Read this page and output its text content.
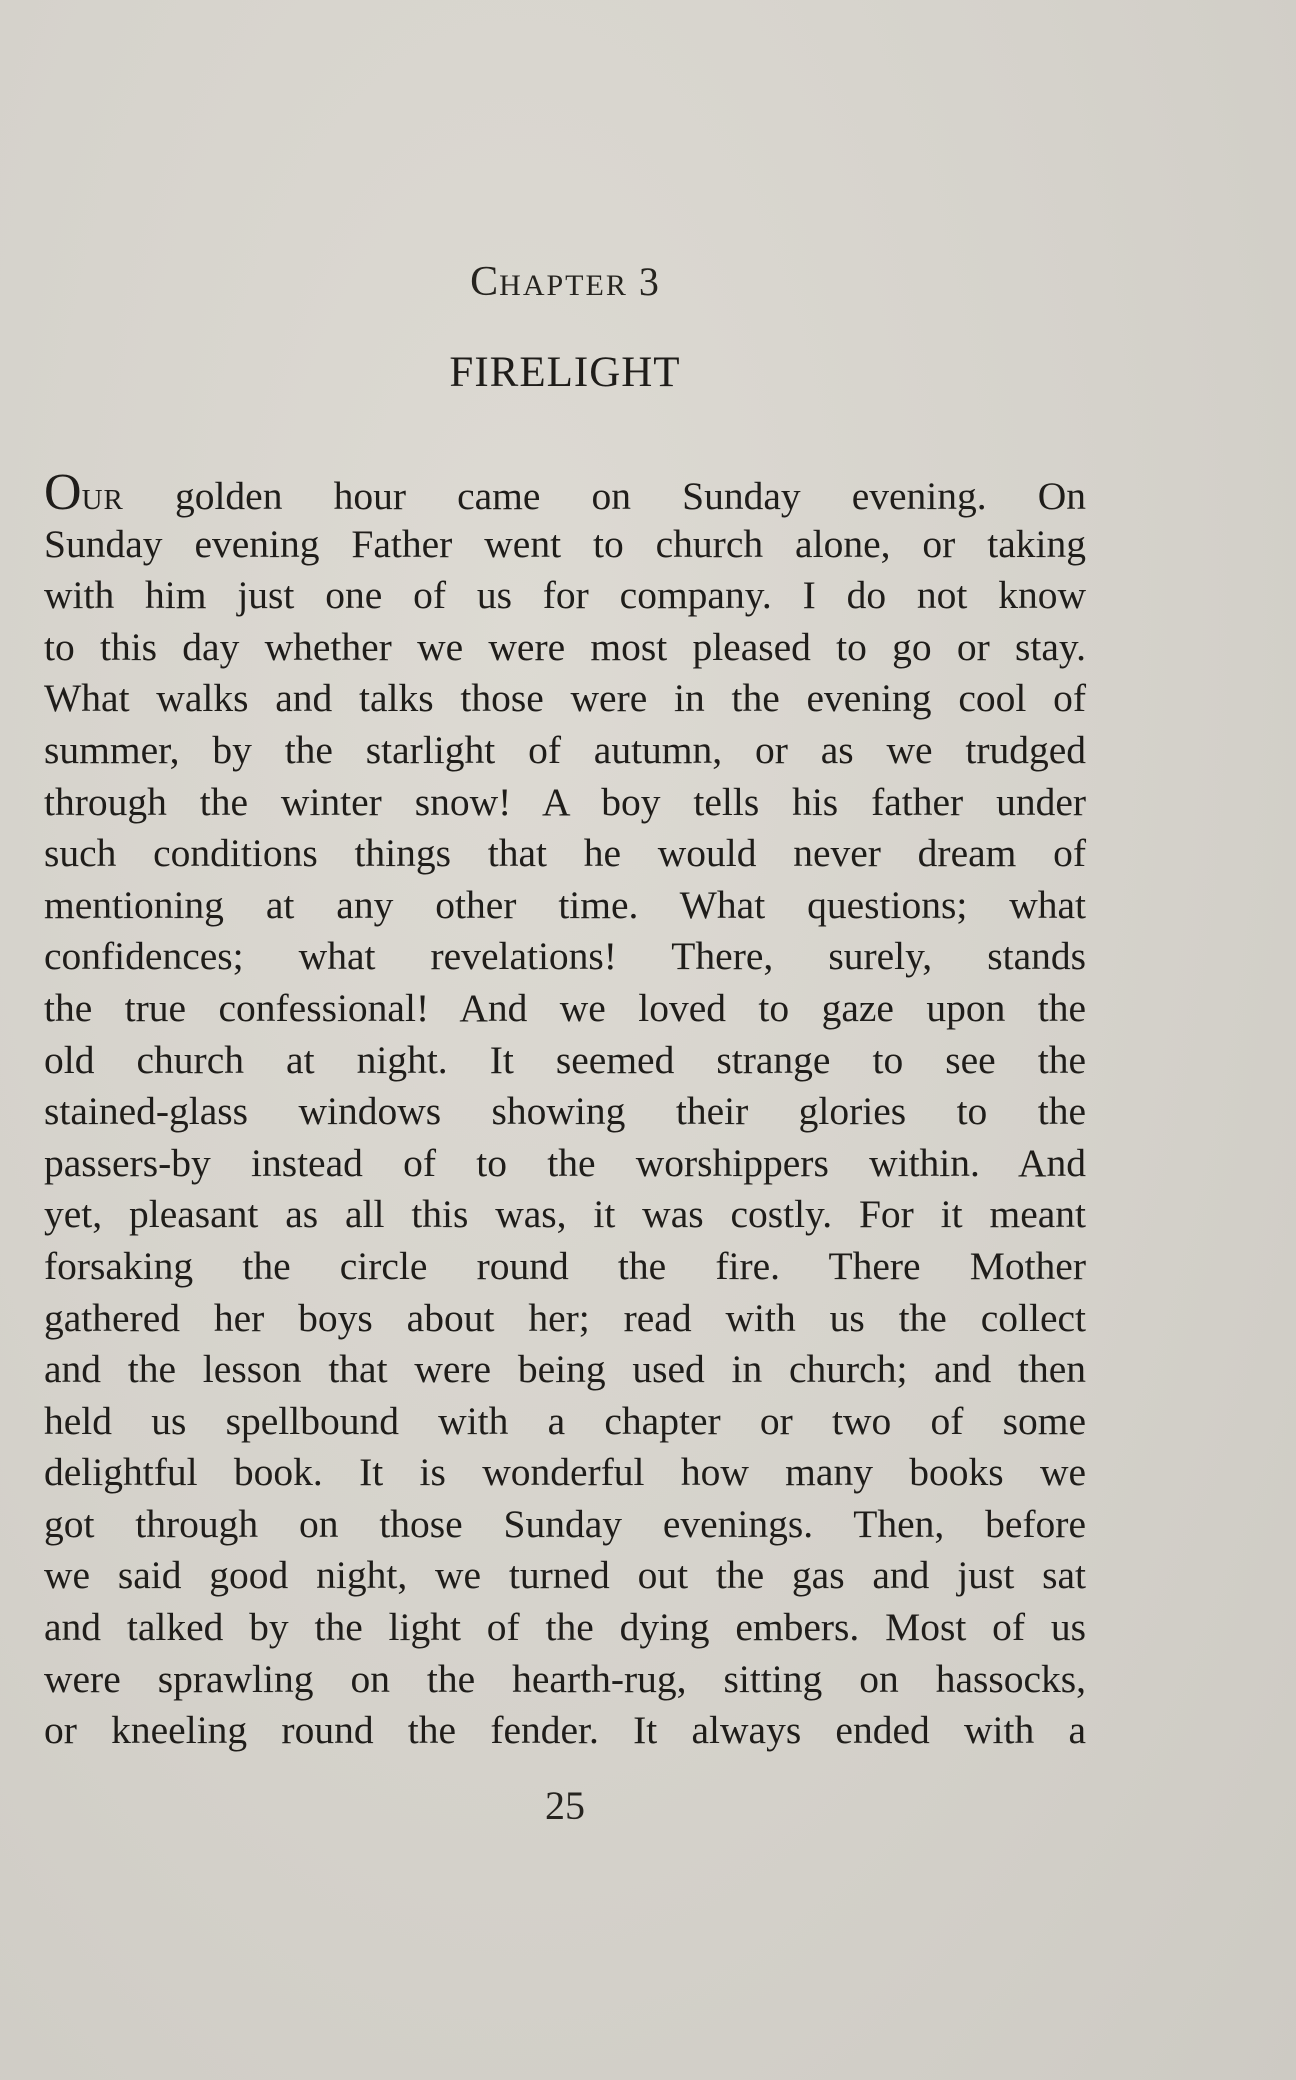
CHAPTER 3
FIRELIGHT
OUR golden hour came on Sunday evening. On
Sunday evening Father went to church alone, or taking
with him just one of us for company. I do not know
to this day whether we were most pleased to go or stay.
What walks and talks those were in the evening cool of
summer, by the starlight of autumn, or as we trudged
through the winter snow! A boy tells his father under
such conditions things that he would never dream of
mentioning at any other time. What questions; what
confidences; what revelations! There, surely, stands
the true confessional! And we loved to gaze upon the
old church at night. It seemed strange to see the
stained-glass windows showing their glories to the
passers-by instead of to the worshippers within. And
yet, pleasant as all this was, it was costly. For it meant
forsaking the circle round the fire. There Mother
gathered her boys about her; read with us the collect
and the lesson that were being used in church; and then
held us spellbound with a chapter or two of some
delightful book. It is wonderful how many books we
got through on those Sunday evenings. Then, before
we said good night, we turned out the gas and just sat
and talked by the light of the dying embers. Most of us
were sprawling on the hearth-rug, sitting on hassocks,
or kneeling round the fender. It always ended with a
25
